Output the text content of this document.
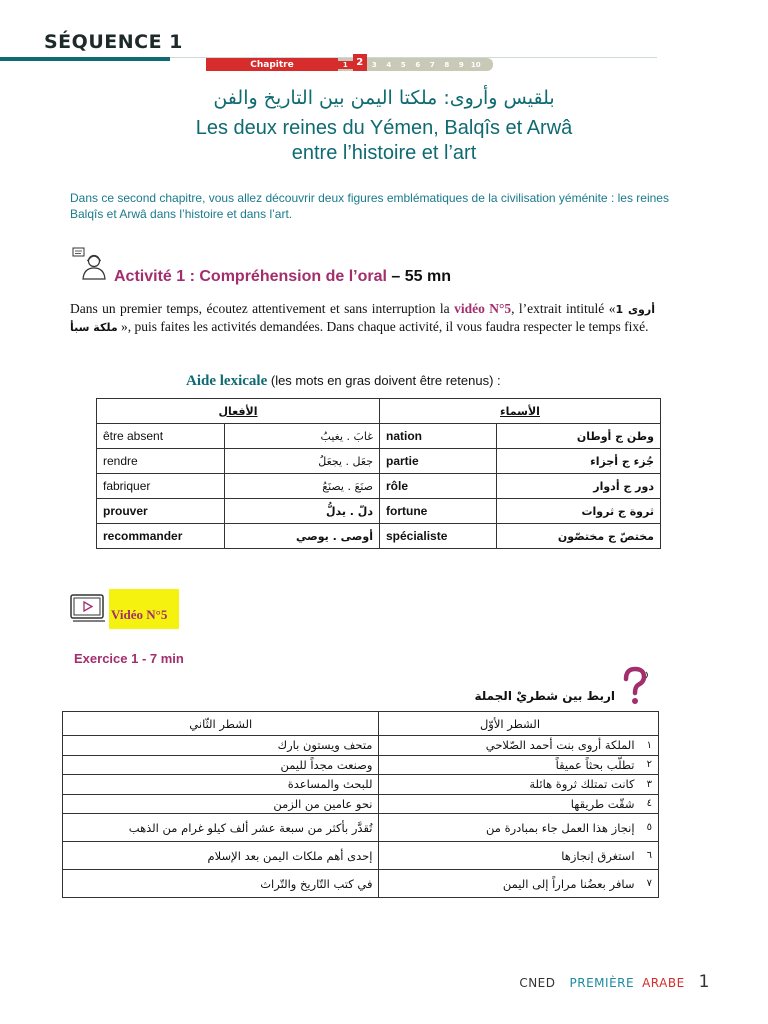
SÉQUENCE 1
Chapitre	1 2	3	4	5	6	7	8	9	10
بلقيس وأروى: ملكتا اليمن بين التاريخ والفن
Les deux reines du Yémen, Balqîs et Arwâ
entre l’histoire et l’art
Dans ce second chapitre, vous allez découvrir deux figures emblématiques de la civilisation yéménite : les reines Balqîs et Arwâ dans l’histoire et dans l’art.
Activité 1 : Compréhension de l’oral – 55 mn
Dans un premier temps, écoutez attentivement et sans interruption la vidéo N°5, l’extrait intitulé «1 أروى ملكة سبأ », puis faites les activités demandées. Dans chaque activité, il vous faudra respecter le temps fixé.
Aide lexicale (les mots en gras doivent être retenus) :
الأفعال		الأسماء	
être absent	غابَ . يغيبُ	nation	وطن ج أوطان
rendre	جعَل . يجعَلُ	partie	جُزء ج أجزاء
fabriquer	صنَعَ . يصنَعُ	rôle	دور ج أدوار
prouver	دلّ . يدلُّ	fortune	ثروة ج ثروات
recommander	أوصى . يوصي	spécialiste	مختصّ ج مختصّون
Vidéo N°5
Exercice 1 - 7 min
اربط بين شطريْ الجملة
	الشطر الأوّل	الشطر الثّاني
١	الملكة أروى بنت أحمد الصّلاحي	متحف ويستون بارك
٢	تطلّب بحثاً عميقاً	وصنعت مجداً لليمن
٣	كانت تمتلك ثروة هائلة	للبحث والمساعدة
٤	شقّت طريقها	نحو عامين من الزمن
٥	إنجاز هذا العمل جاء بمبادرة من	تُقدَّر بأكثر من سبعة عشر ألف كيلو غرام من الذهب
٦	استغرق إنجازها	إحدى أهم ملكات اليمن بعد الإسلام
٧	سافر بعضُنا مراراً إلى اليمن	في كتب التّاريخ والتّراث
CNED PREMIÈRE ARABE 1
